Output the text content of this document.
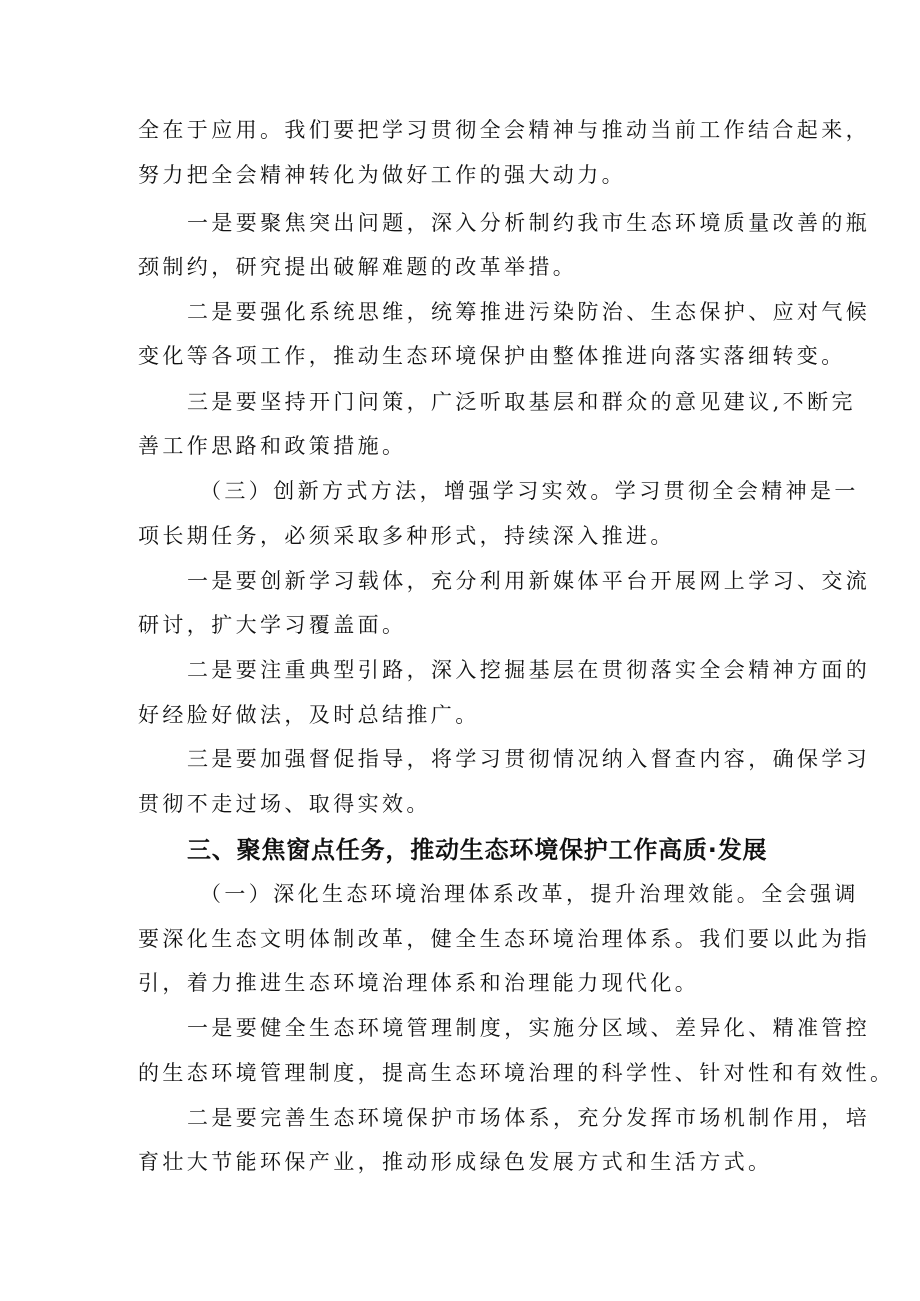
全在于应用。我们要把学习贯彻全会精神与推动当前工作结合起来，

努力把全会精神转化为做好工作的强大动力。

一是要聚焦突出问题，深入分析制约我市生态环境质量改善的瓶

颈制约，研究提出破解难题的改革举措。

二是要强化系统思维，统筹推进污染防治、生态保护、应对气候

变化等各项工作，推动生态环境保护由整体推进向落实落细转变。

三是要坚持开门问策，广泛听取基层和群众的意见建议,不断完

善工作思路和政策措施。

（三）创新方式方法，增强学习实效。学习贯彻全会精神是一

项长期任务，必须采取多种形式，持续深入推进。

一是要创新学习载体，充分利用新媒体平台开展网上学习、交流

研讨，扩大学习覆盖面。

二是要注重典型引路，深入挖掘基层在贯彻落实全会精神方面的

好经脸好做法，及时总结推广。

三是要加强督促指导，将学习贯彻情况纳入督查内容，确保学习

贯彻不走过场、取得实效。

三、聚焦窗点任务，推动生态环境保护工作高质·发展

（一）深化生态环境治理体系改革，提升治理效能。全会强调

要深化生态文明体制改革，健全生态环境治理体系。我们要以此为指

引，着力推进生态环境治理体系和治理能力现代化。

一是要健全生态环境管理制度，实施分区域、差异化、精准管控

的生态环境管理制度，提高生态环境治理的科学性、针对性和有效性。

二是要完善生态环境保护市场体系，充分发挥市场机制作用，培

育壮大节能环保产业，推动形成绿色发展方式和生活方式。
